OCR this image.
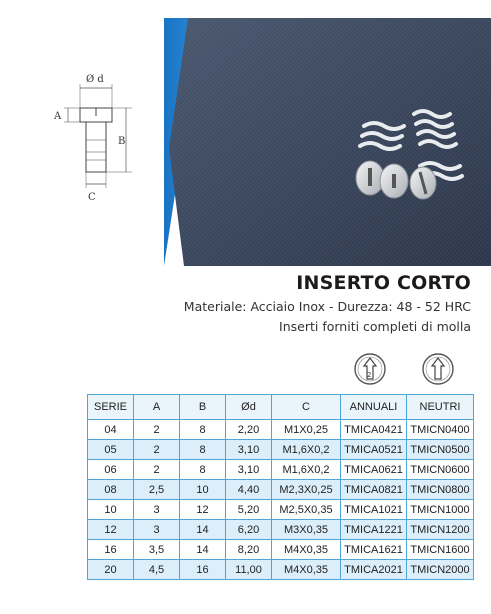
Ø d
A
B
C
INSERTO CORTO
Materiale: Acciaio Inox - Durezza: 48 - 52 HRC
Inserti forniti completi di molla
2
SERIE	A	B	Ød	C	ANNUALI	NEUTRI
04	2	8	2,20	M1X0,25	TMICA0421	TMICN0400
05	2	8	3,10	M1,6X0,2	TMICA0521	TMICN0500
06	2	8	3,10	M1,6X0,2	TMICA0621	TMICN0600
08	2,5	10	4,40	M2,3X0,25	TMICA0821	TMICN0800
10	3	12	5,20	M2,5X0,35	TMICA1021	TMICN1000
12	3	14	6,20	M3X0,35	TMICA1221	TMICN1200
16	3,5	14	8,20	M4X0,35	TMICA1621	TMICN1600
20	4,5	16	11,00	M4X0,35	TMICA2021	TMICN2000
